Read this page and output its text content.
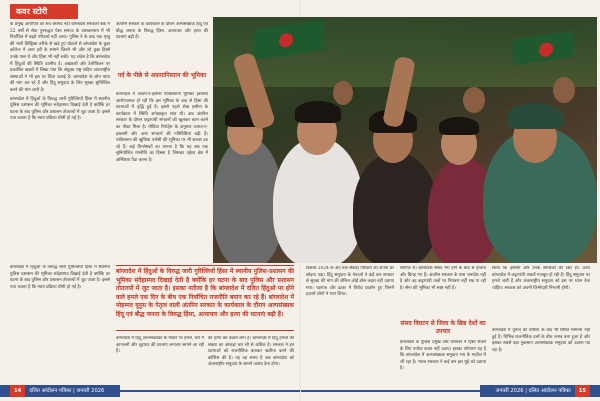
कवर स्टोरी

के प्रमुख आरोपित का शव बरामद नहीं बांग्लादेश सरकारी बैंक में 22 वर्षों से सेवा पुनरुद्धत पेशा समाज के वासकरनाय में भी निर्वाचित में बढ़ते परिवार्थ नहीं अल्प। पुलिस ने के बाद एक मृत्यु की भारी डिस्ट्रिक्ट तरीके से खड़े हुए घोटाले से बांग्लादेश के कुछ कॉलेज में अन्य हरी के सामने जितने भी और जो कुछ हिस्से उनके पास थे और हिंसा भी नहीं रुकी। यह संदेश है कि बांग्लादेश में हिंदुओं की स्थिति दयनीय है। अखबारों और टेलीविजन पर प्रकाशित खबरों में लिखा गया कि संयुक्त राष्ट्र सहित अंतरराष्ट्रीय संस्थाओं ने भी इस पर चिंता जताई है। बांग्लादेश के लोग न्याय की मांग कर रहे हैं और हिंदू समुदाय के लिए सुरक्षा सुनिश्चित करने की मांग जारी है।

बांग्लादेश में हिंदुओं के विरुद्ध जारी गुरिल्लियों हिंसा में स्थानीय पुलिस प्रशासन की भूमिका संदेहास्पद दिखाई देती है क्योंकि हर घटना के बाद पुलिस और प्रशासन तोतारयों में जुट जाता है। इससे पता चलता है कि न्याय प्रक्रिया धीमी हो गई है।

अंतरिम सरकार के कार्यकाल के दौरान अल्पसंख्यक हिंदू एवं बौद्ध जनता के विरुद्ध हिंसा, अत्याचार और हत्या की घटनाएं बढ़ी हैं।

पर्द के पीछे से अफ़ग़ानिस्तान की भूमिका

बांग्लादेश में अवाम-ए-इंसानी पाकिस्तानी भूमिका इसलिए आरोपजनक हो रही कि इस भूमिका के बाद से हिंसा की घटनाओं में वृद्धि हुई है। इससे पहले शेख हसीना के कार्यकाल में स्थिति अपेक्षाकृत शांत थी। अब अंतरिम सरकार के दौरान कट्टरपंथी संगठनों को खुलकर काम करने का मौका मिला है। मीडिया रिपोर्ट्स के अनुसार जमात-ए-इस्लामी और अन्य संगठनों की गतिविधियां बढ़ी हैं। पाकिस्तान की खुफिया एजेंसी की भूमिका पर भी सवाल उठ रहे हैं। कई विश्लेषकों का मानना है कि यह सब एक सुनियोजित रणनीति का हिस्सा है जिसका उद्देश्य क्षेत्र में अस्थिरता पैदा करना है।

बांग्लादेश में हिंदुओं के विरुद्ध जारी गुरिल्लियों हिंसा में स्थानीय पुलिस-प्रशासन की भूमिका संदेहास्पद दिखाई देती है क्योंकि हर घटना के बाद पुलिस और प्रशासन तोतारयों में जुट जाता है। इसका नतीजा है कि बांग्लादेश में दलित हिंदुओं पर होने वाले हमले एक दिन के बीच एक निर्वाचित राजनीति बयान कर रहे हैं। बांग्लादेश में मोहम्मद यूनुस के नेतृत्व वाली अंतरिम सरकार के कार्यकाल के दौरान अल्पसंख्यक हिंदू एवं बौद्ध जनता के विरुद्ध हिंसा, अत्याचार और हत्या की घटनाएं बढ़ी हैं।

बांग्लादेश में हिंदुओं के विरुद्ध जारी गुरिल्लियों हिंसा में स्थानीय पुलिस प्रशासन की भूमिका संदेहास्पद दिखाई देती है क्योंकि हर घटना के बाद पुलिस और प्रशासन तोतारयों में जुट जाता है। इससे पता चलता है कि न्याय प्रक्रिया धीमी हो गई है।

बांग्लादेश में हिंदू अल्पसंख्यकों के मंदिरों पर हमले, घरों में आगजनी और लूटपाट की घटनाएं लगातार सामने आ रही हैं।

को हत्या कर बदला लेना है। बांग्लादेश में हिंदू हमलों की संख्या का आंकड़ा चार सौ से अधिक है। सरकार ने इन घटनाओं को राजनीतिक बताकर खारिज करने की कोशिश की है। यह वह समय है जब बांग्लादेश को अंतरराष्ट्रीय समुदाय के सामने जवाब देना होगा।

दिसंबर 2024 के अंत तक सैकड़ों परिवारों को अपना घर छोड़ना पड़ा। हिंदू समुदाय के नेताओं ने कई बार सरकार से सुरक्षा की मांग की लेकिन कोई ठोस कदम नहीं उठाया गया। चटगांव और ढाका में विरोध प्रदर्शन हुए जिनमें हजारों लोगों ने भाग लिया।

शामिल थे। बांग्लादेश संसद भंग होने के बाद से हालात और बिगड़ गए हैं। अंतरिम सरकार के पास जनादेश नहीं है और वह कट्टरपंथी तत्वों पर नियंत्रण नहीं रख पा रही है। सेना की भूमिका भी स्पष्ट नहीं है।

संसद विघटन से जिला के छिन्न देशों का उपचार

बांग्लादेश के पुलिस प्रमुख और प्रशासन ने हिंसा रोकने के लिए पर्याप्त कदम नहीं उठाए। इसका परिणाम यह है कि बांग्लादेश में अल्पसंख्यक समुदाय भय के माहौल में जी रहा है। भारत सरकार ने कई बार इस मुद्दे को उठाया है।

किया कि इस्लाम और उनके समर्थकों की रक्षा हो। आज बांग्लादेश में कट्टरपंथी ताकतें मजबूत हो रही हैं। हिंदू समुदाय पर हमले जारी हैं और अंतरराष्ट्रीय समुदाय को इस पर ध्यान देना चाहिए। सरकार को अपनी जिम्मेदारी निभानी होगी।

बांग्लादेश में चुनाव की घोषणा के बाद भी स्थिति सामान्य नहीं हुई है। विभिन्न राजनीतिक दलों के बीच तनाव बना हुआ है और इसका सबसे बड़ा नुकसान अल्पसंख्यक समुदाय को उठाना पड़ रहा है।

14 दलित आंदोलन पत्रिका | जनवरी 2026	जनवरी 2026 | दलित आंदोलन पत्रिका 15
